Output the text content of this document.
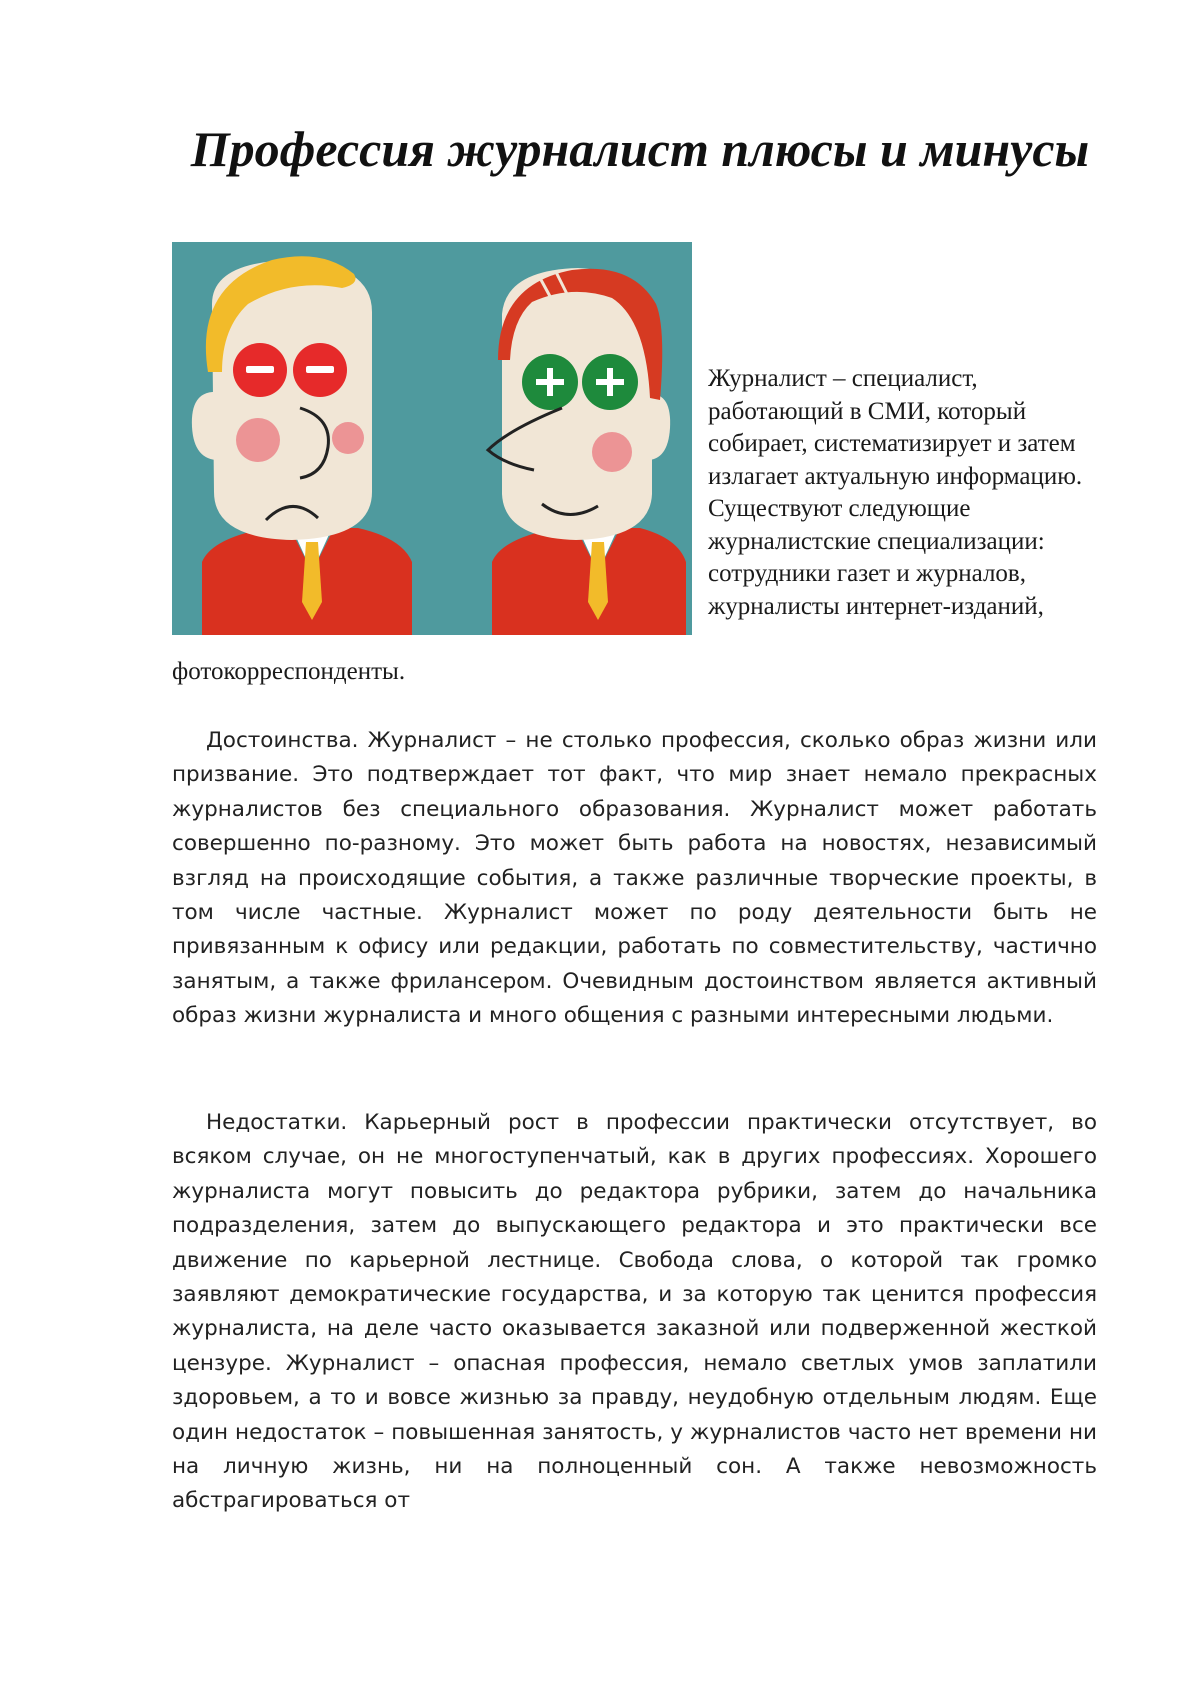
Профессия журналист плюсы и минусы

Журналист – специалист, работающий в СМИ, который собирает, систематизирует и затем излагает актуальную информацию. Существуют следующие журналистские специализации: сотрудники газет и журналов, журналисты интернет-изданий,

фотокорреспонденты.

Достоинства. Журналист – не столько профессия, сколько образ жизни или призвание. Это подтверждает тот факт, что мир знает немало прекрасных журналистов без специального образования. Журналист может работать совершенно по-разному. Это может быть работа на новостях, независимый взгляд на происходящие события, а также различные творческие проекты, в том числе частные. Журналист может по роду деятельности быть не привязанным к офису или редакции, работать по совместительству, частично занятым, а также фрилансером. Очевидным достоинством является активный образ жизни журналиста и много общения с разными интересными людьми.

Недостатки. Карьерный рост в профессии практически отсутствует, во всяком случае, он не многоступенчатый, как в других профессиях. Хорошего журналиста могут повысить до редактора рубрики, затем до начальника подразделения, затем до выпускающего редактора и это практически все движение по карьерной лестнице. Свобода слова, о которой так громко заявляют демократические государства, и за которую так ценится профессия журналиста, на деле часто оказывается заказной или подверженной жесткой цензуре. Журналист – опасная профессия, немало светлых умов заплатили здоровьем, а то и вовсе жизнью за правду, неудобную отдельным людям. Еще один недостаток – повышенная занятость, у журналистов часто нет времени ни на личную жизнь, ни на полноценный сон. А также невозможность абстрагироваться от
